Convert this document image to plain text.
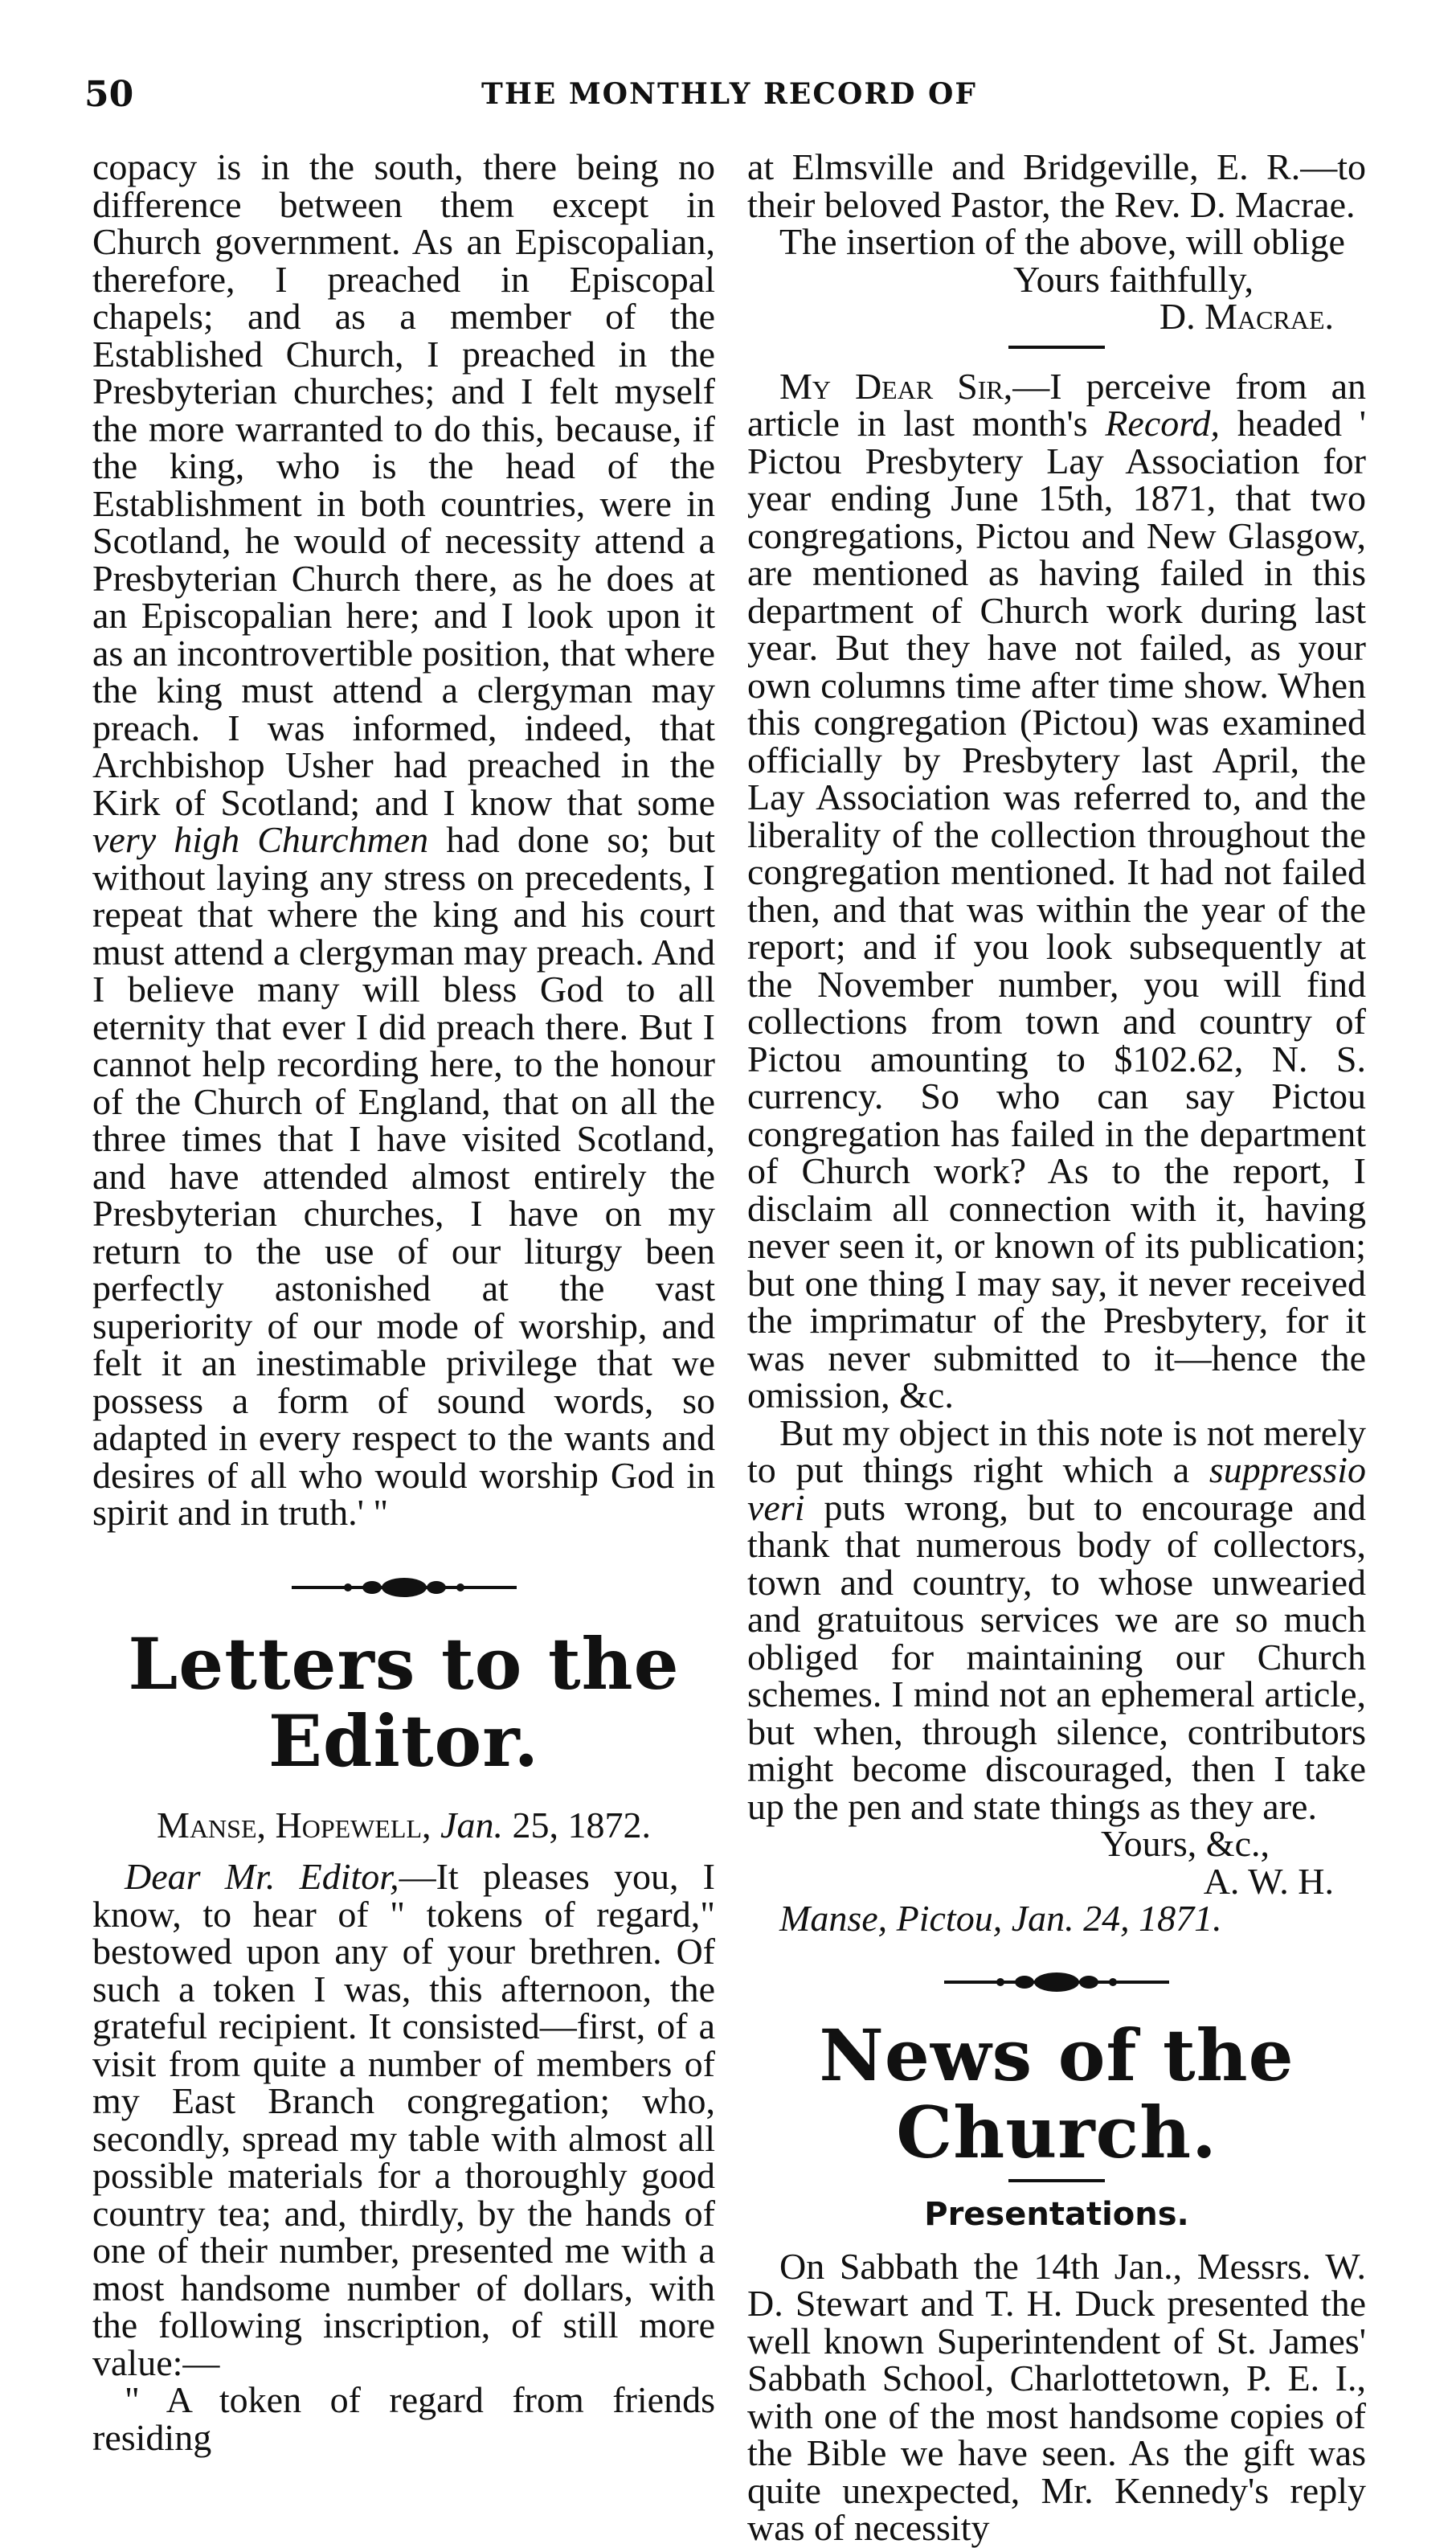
50	THE MONTHLY RECORD OF

copacy is in the south, there being no difference between them except in Church government. As an Episcopalian, therefore, I preached in Episcopal chapels; and as a member of the Established Church, I preached in the Presbyterian churches; and I felt myself the more warranted to do this, because, if the king, who is the head of the Establishment in both countries, were in Scotland, he would of necessity attend a Presbyterian Church there, as he does at an Episcopalian here; and I look upon it as an incontrovertible position, that where the king must attend a clergyman may preach. I was informed, indeed, that Archbishop Usher had preached in the Kirk of Scotland; and I know that some very high Churchmen had done so; but without laying any stress on precedents, I repeat that where the king and his court must attend a clergyman may preach. And I believe many will bless God to all eternity that ever I did preach there. But I cannot help recording here, to the honour of the Church of England, that on all the three times that I have visited Scotland, and have attended almost entirely the Presbyterian churches, I have on my return to the use of our liturgy been perfectly astonished at the vast superiority of our mode of worship, and felt it an inestimable privilege that we possess a form of sound words, so adapted in every respect to the wants and desires of all who would worship God in spirit and in truth.' "

Letters to the Editor.
Manse, Hopewell, Jan. 25, 1872.

Dear Mr. Editor,—It pleases you, I know, to hear of " tokens of regard," bestowed upon any of your brethren. Of such a token I was, this afternoon, the grateful recipient. It consisted—first, of a visit from quite a number of members of my East Branch congregation; who, secondly, spread my table with almost all possible materials for a thoroughly good country tea; and, thirdly, by the hands of one of their number, presented me with a most handsome number of dollars, with the following inscription, of still more value:—

" A token of regard from friends residing

at Elmsville and Bridgeville, E. R.—to their beloved Pastor, the Rev. D. Macrae.

The insertion of the above, will oblige

Yours faithfully,

D. Macrae.

My Dear Sir,—I perceive from an article in last month's Record, headed ' Pictou Presbytery Lay Association for year ending June 15th, 1871, that two congregations, Pictou and New Glasgow, are mentioned as having failed in this department of Church work during last year. But they have not failed, as your own columns time after time show. When this congregation (Pictou) was examined officially by Presbytery last April, the Lay Association was referred to, and the liberality of the collection throughout the congregation mentioned. It had not failed then, and that was within the year of the report; and if you look subsequently at the November number, you will find collections from town and country of Pictou amounting to $102.62, N. S. currency. So who can say Pictou congregation has failed in the department of Church work? As to the report, I disclaim all connection with it, having never seen it, or known of its publication; but one thing I may say, it never received the imprimatur of the Presbytery, for it was never submitted to it—hence the omission, &c.

But my object in this note is not merely to put things right which a suppressio veri puts wrong, but to encourage and thank that numerous body of collectors, town and country, to whose unwearied and gratuitous services we are so much obliged for maintaining our Church schemes. I mind not an ephemeral article, but when, through silence, contributors might become discouraged, then I take up the pen and state things as they are.

Yours, &c.,

A. W. H.

Manse, Pictou, Jan. 24, 1871.

News of the Church.
Presentations.

On Sabbath the 14th Jan., Messrs. W. D. Stewart and T. H. Duck presented the well known Superintendent of St. James' Sabbath School, Charlottetown, P. E. I., with one of the most handsome copies of the Bible we have seen. As the gift was quite unexpected, Mr. Kennedy's reply was of necessity
